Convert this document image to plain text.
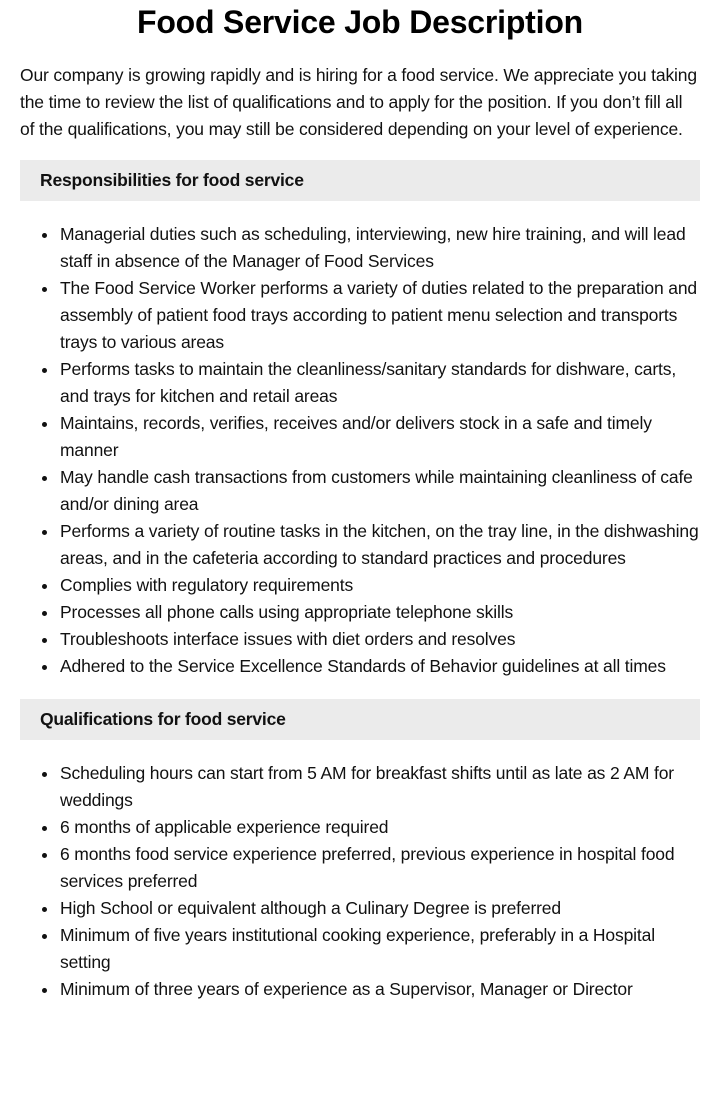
Food Service Job Description

Our company is growing rapidly and is hiring for a food service. We appreciate you taking the time to review the list of qualifications and to apply for the position. If you don’t fill all of the qualifications, you may still be considered depending on your level of experience.

Responsibilities for food service
Managerial duties such as scheduling, interviewing, new hire training, and will lead staff in absence of the Manager of Food Services
The Food Service Worker performs a variety of duties related to the preparation and assembly of patient food trays according to patient menu selection and transports trays to various areas
Performs tasks to maintain the cleanliness/sanitary standards for dishware, carts, and trays for kitchen and retail areas
Maintains, records, verifies, receives and/or delivers stock in a safe and timely manner
May handle cash transactions from customers while maintaining cleanliness of cafe and/or dining area
Performs a variety of routine tasks in the kitchen, on the tray line, in the dishwashing areas, and in the cafeteria according to standard practices and procedures
Complies with regulatory requirements
Processes all phone calls using appropriate telephone skills
Troubleshoots interface issues with diet orders and resolves
Adhered to the Service Excellence Standards of Behavior guidelines at all times
Qualifications for food service
Scheduling hours can start from 5 AM for breakfast shifts until as late as 2 AM for weddings
6 months of applicable experience required
6 months food service experience preferred, previous experience in hospital food services preferred
High School or equivalent although a Culinary Degree is preferred
Minimum of five years institutional cooking experience, preferably in a Hospital setting
Minimum of three years of experience as a Supervisor, Manager or Director
